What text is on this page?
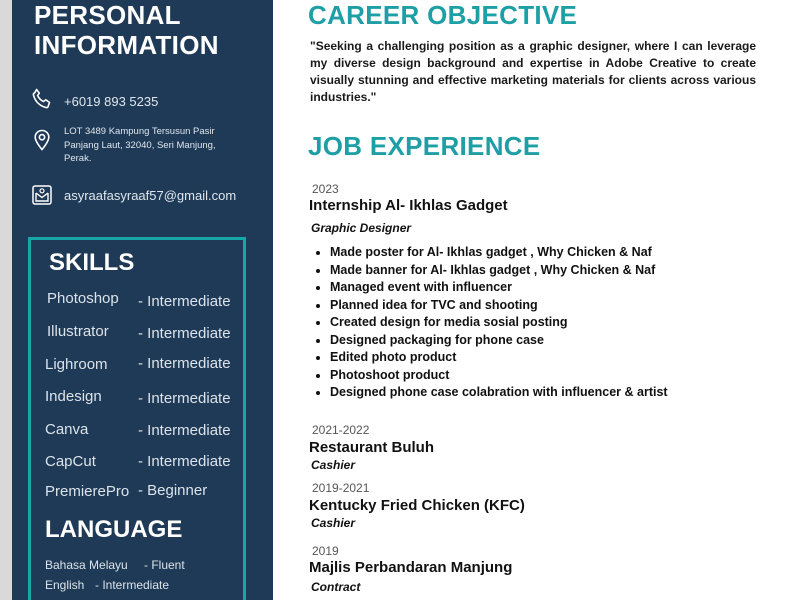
PERSONAL
INFORMATION
+6019 893 5235
LOT 3489 Kampung Tersusun Pasir
Panjang Laut, 32040, Seri Manjung,
Perak.
asyraafasyraaf57@gmail.com
SKILLS
Photoshop - Intermediate
Illustrator - Intermediate
Lighroom - Intermediate
Indesign - Intermediate
Canva	- Intermediate
CapCut	- Intermediate
PremierePro - Beginner
LANGUAGE
Bahasa Melayu - Fluent
English - Intermediate
CAREER OBJECTIVE

"Seeking a challenging position as a graphic designer, where I can leverage my diverse design background and expertise in Adobe Creative to create visually stunning and effective marketing materials for clients across various industries."

JOB EXPERIENCE
2023
Internship Al- Ikhlas Gadget
Graphic Designer
• Made poster for Al- Ikhlas gadget , Why Chicken & Naf
• Made banner for Al- Ikhlas gadget , Why Chicken & Naf
• Managed event with influencer
• Planned idea for TVC and shooting
• Created design for media sosial posting
• Designed packaging for phone case
• Edited photo product
• Photoshoot product
• Designed phone case colabration with influencer & artist
2021-2022
Restaurant Buluh
Cashier
2019-2021
Kentucky Fried Chicken (KFC)
Cashier
2019
Majlis Perbandaran Manjung
Contract
